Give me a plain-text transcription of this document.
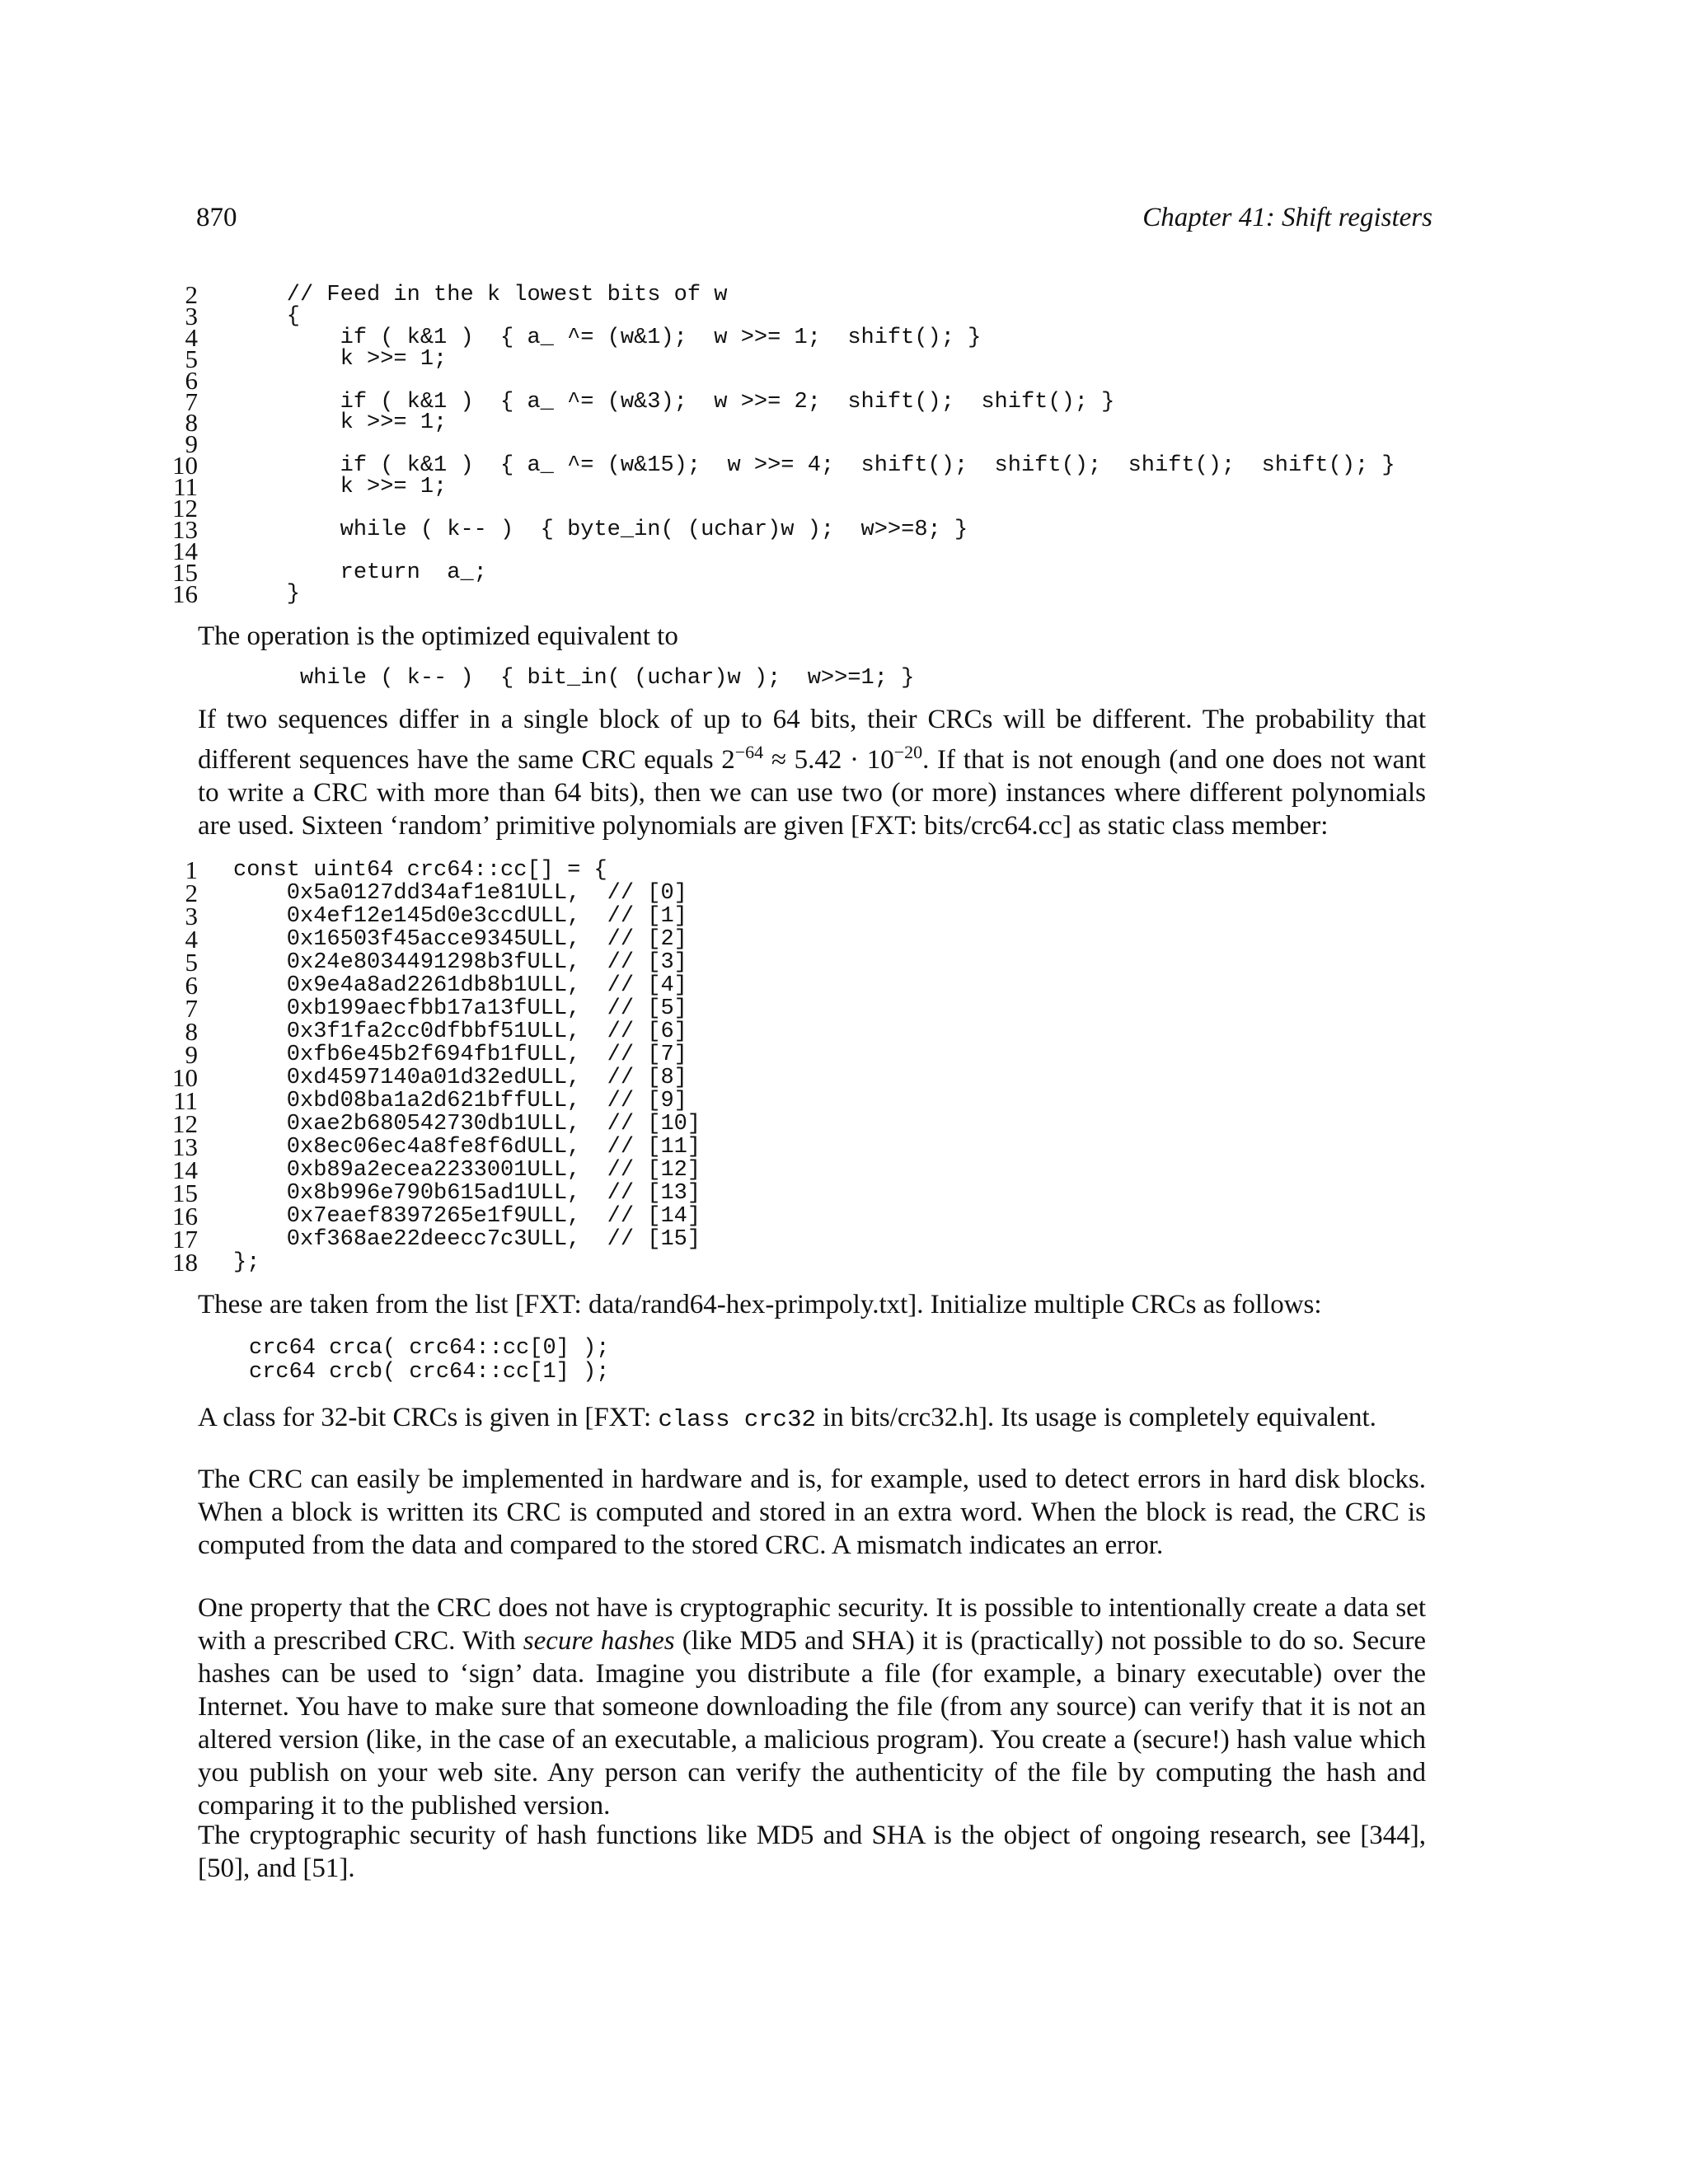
870	Chapter 41: Shift registers
2 // Feed in the k lowest bits of w
3 {
4 if ( k&1 )  { a_ ^= (w&1);  w >>= 1;  shift(); }
5 k >>= 1;
6
7 if ( k&1 )  { a_ ^= (w&3);  w >>= 2;  shift();  shift(); }
8 k >>= 1;
9
10 if ( k&1 )  { a_ ^= (w&15);  w >>= 4;  shift();  shift();  shift();  shift(); }
11 k >>= 1;
12
13 while ( k-- )  { byte_in( (uchar)w );  w>>=8; }
14
15 return  a_;
16 }
The operation is the optimized equivalent to
while ( k-- )  { bit_in( (uchar)w );  w>>=1; }
If two sequences differ in a single block of up to 64 bits, their CRCs will be different. The probability that different sequences have the same CRC equals $2^{-64} \approx 5.42 \cdot 10^{-20}$. If that is not enough (and one does not want to write a CRC with more than 64 bits), then we can use two (or more) instances where different polynomials are used. Sixteen ‘random’ primitive polynomials are given [FXT: bits/crc64.cc] as static class member:
1 const uint64 crc64::cc[] = {
2 0x5a0127dd34af1e81ULL,  // [0]
3 0x4ef12e145d0e3ccdULL,  // [1]
4 0x16503f45acce9345ULL,  // [2]
5 0x24e8034491298b3fULL,  // [3]
6 0x9e4a8ad2261db8b1ULL,  // [4]
7 0xb199aecfbb17a13fULL,  // [5]
8 0x3f1fa2cc0dfbbf51ULL,  // [6]
9 0xfb6e45b2f694fb1fULL,  // [7]
10 0xd4597140a01d32edULL,  // [8]
11 0xbd08ba1a2d621bffULL,  // [9]
12 0xae2b680542730db1ULL,  // [10]
13 0x8ec06ec4a8fe8f6dULL,  // [11]
14 0xb89a2ecea2233001ULL,  // [12]
15 0x8b996e790b615ad1ULL,  // [13]
16 0x7eaef8397265e1f9ULL,  // [14]
17 0xf368ae22deecc7c3ULL,  // [15]
18 };
These are taken from the list [FXT: data/rand64-hex-primpoly.txt]. Initialize multiple CRCs as follows:
crc64 crca( crc64::cc[0] );
crc64 crcb( crc64::cc[1] );
A class for 32-bit CRCs is given in [FXT: class crc32 in bits/crc32.h]. Its usage is completely equivalent.
The CRC can easily be implemented in hardware and is, for example, used to detect errors in hard disk blocks. When a block is written its CRC is computed and stored in an extra word. When the block is read, the CRC is computed from the data and compared to the stored CRC. A mismatch indicates an error.
One property that the CRC does not have is cryptographic security. It is possible to intentionally create a data set with a prescribed CRC. With secure hashes (like MD5 and SHA) it is (practically) not possible to do so. Secure hashes can be used to ‘sign’ data. Imagine you distribute a file (for example, a binary executable) over the Internet. You have to make sure that someone downloading the file (from any source) can verify that it is not an altered version (like, in the case of an executable, a malicious program). You create a (secure!) hash value which you publish on your web site. Any person can verify the authenticity of the file by computing the hash and comparing it to the published version.
The cryptographic security of hash functions like MD5 and SHA is the object of ongoing research, see [344], [50], and [51].
